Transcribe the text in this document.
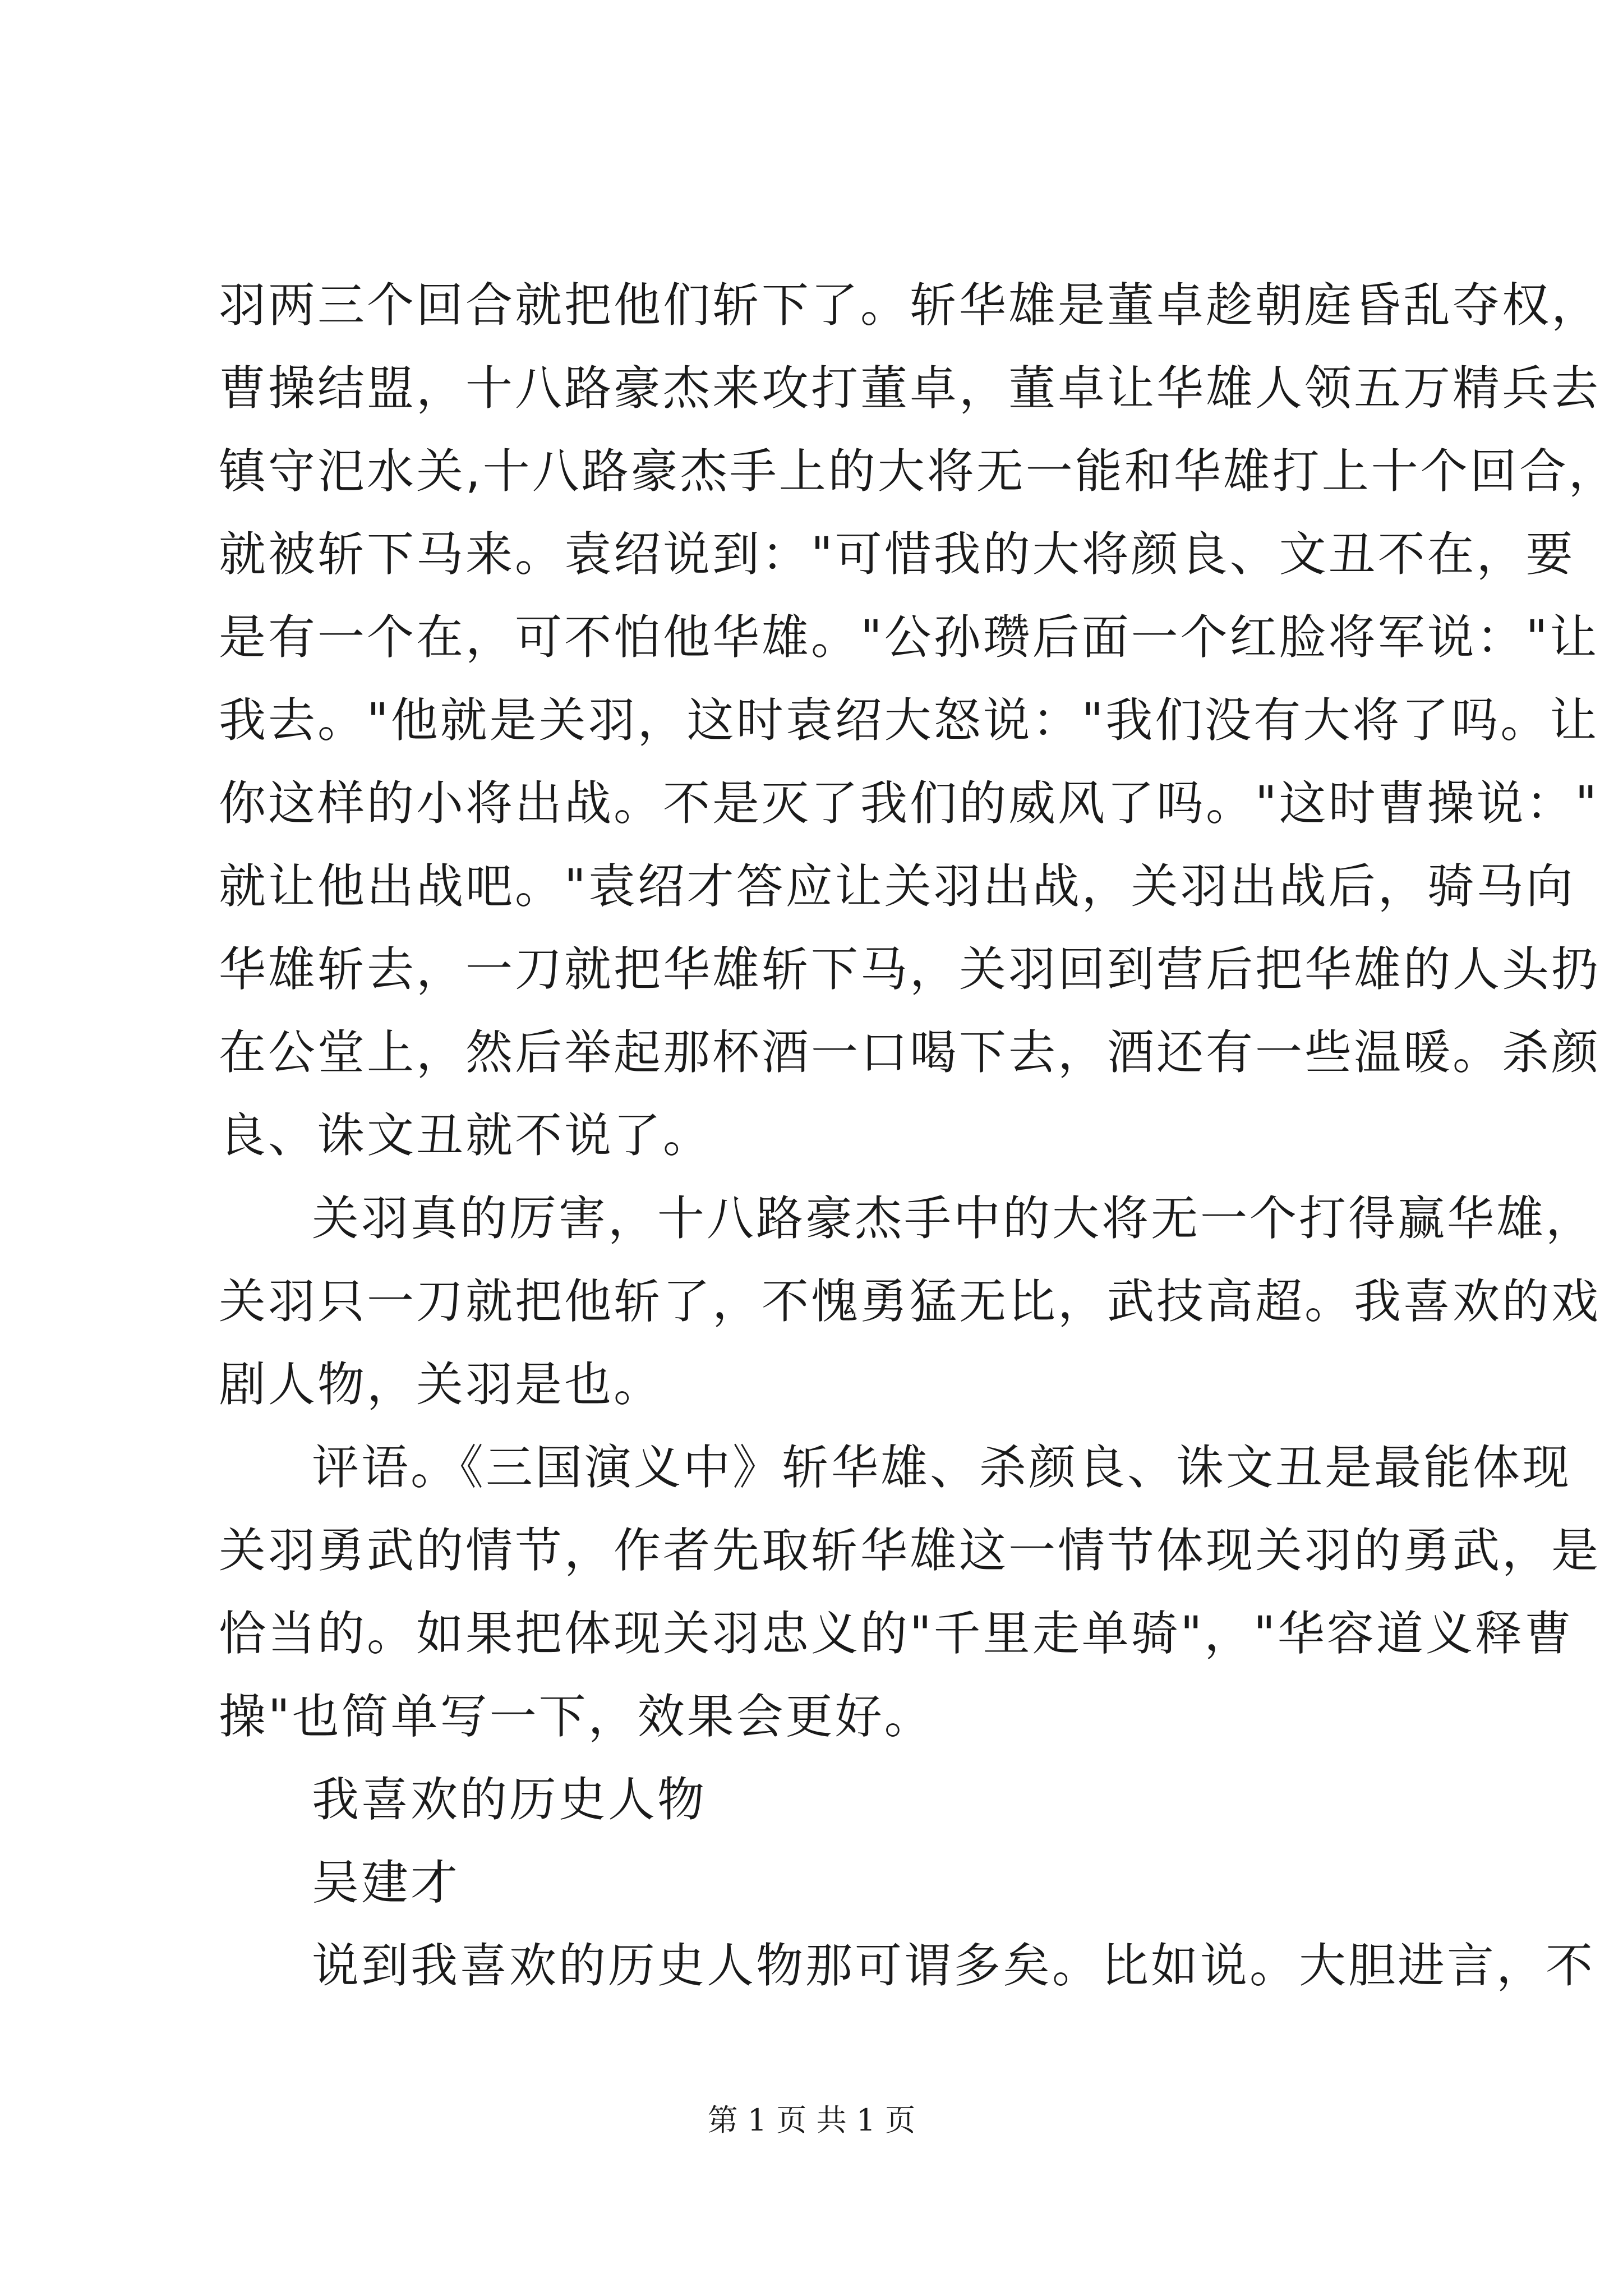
羽两三个回合就把他们斩下了。斩华雄是董卓趁朝庭昏乱夺权，
曹操结盟，十八路豪杰来攻打董卓，董卓让华雄人领五万精兵去
镇守汜水关,十八路豪杰手上的大将无一能和华雄打上十个回合，
就被斩下马来。袁绍说到："可惜我的大将颜良、文丑不在，要
是有一个在，可不怕他华雄。"公孙瓒后面一个红脸将军说："让
我去。"他就是关羽，这时袁绍大怒说："我们没有大将了吗。让
你这样的小将出战。不是灭了我们的威风了吗。"这时曹操说："
就让他出战吧。"袁绍才答应让关羽出战，关羽出战后，骑马向
华雄斩去，一刀就把华雄斩下马，关羽回到营后把华雄的人头扔
在公堂上，然后举起那杯酒一口喝下去，酒还有一些温暖。杀颜
良、诛文丑就不说了。
关羽真的厉害，十八路豪杰手中的大将无一个打得赢华雄，
关羽只一刀就把他斩了，不愧勇猛无比，武技高超。我喜欢的戏
剧人物，关羽是也。
评语。《三国演义中》斩华雄、杀颜良、诛文丑是最能体现
关羽勇武的情节，作者先取斩华雄这一情节体现关羽的勇武，是
恰当的。如果把体现关羽忠义的"千里走单骑"，"华容道义释曹
操"也简单写一下，效果会更好。
我喜欢的历史人物
吴建才
说到我喜欢的历史人物那可谓多矣。比如说。大胆进言，不
第 1 页 共 1 页
